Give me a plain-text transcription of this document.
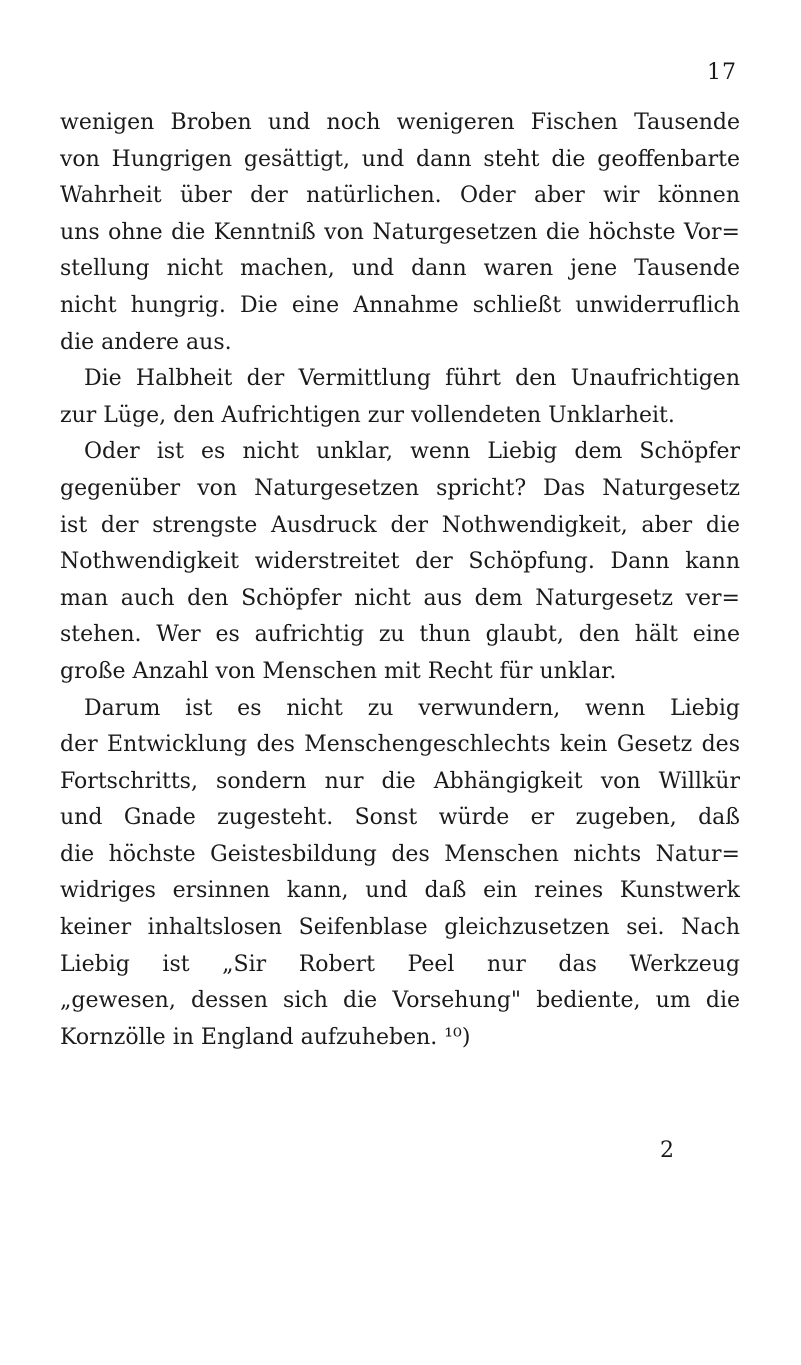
17

wenigen Broben und noch wenigeren Fischen Tausende
von Hungrigen gesättigt, und dann steht die geoffenbarte
Wahrheit über der natürlichen. Oder aber wir können
uns ohne die Kenntniß von Naturgesetzen die höchste Vor=
stellung nicht machen, und dann waren jene Tausende
nicht hungrig. Die eine Annahme schließt unwiderruflich
die andere aus.

Die Halbheit der Vermittlung führt den Unaufrichtigen
zur Lüge, den Aufrichtigen zur vollendeten Unklarheit.

Oder ist es nicht unklar, wenn Liebig dem Schöpfer
gegenüber von Naturgesetzen spricht? Das Naturgesetz
ist der strengste Ausdruck der Nothwendigkeit, aber die
Nothwendigkeit widerstreitet der Schöpfung. Dann kann
man auch den Schöpfer nicht aus dem Naturgesetz ver=
stehen. Wer es aufrichtig zu thun glaubt, den hält eine
große Anzahl von Menschen mit Recht für unklar.

Darum ist es nicht zu verwundern, wenn Liebig
der Entwicklung des Menschengeschlechts kein Gesetz des
Fortschritts, sondern nur die Abhängigkeit von Willkür
und Gnade zugesteht. Sonst würde er zugeben, daß
die höchste Geistesbildung des Menschen nichts Natur=
widriges ersinnen kann, und daß ein reines Kunstwerk
keiner inhaltslosen Seifenblase gleichzusetzen sei. Nach
Liebig ist „Sir Robert Peel nur das Werkzeug
„gewesen, dessen sich die Vorsehung" bediente, um die
Kornzölle in England aufzuheben. ¹⁰)

2
